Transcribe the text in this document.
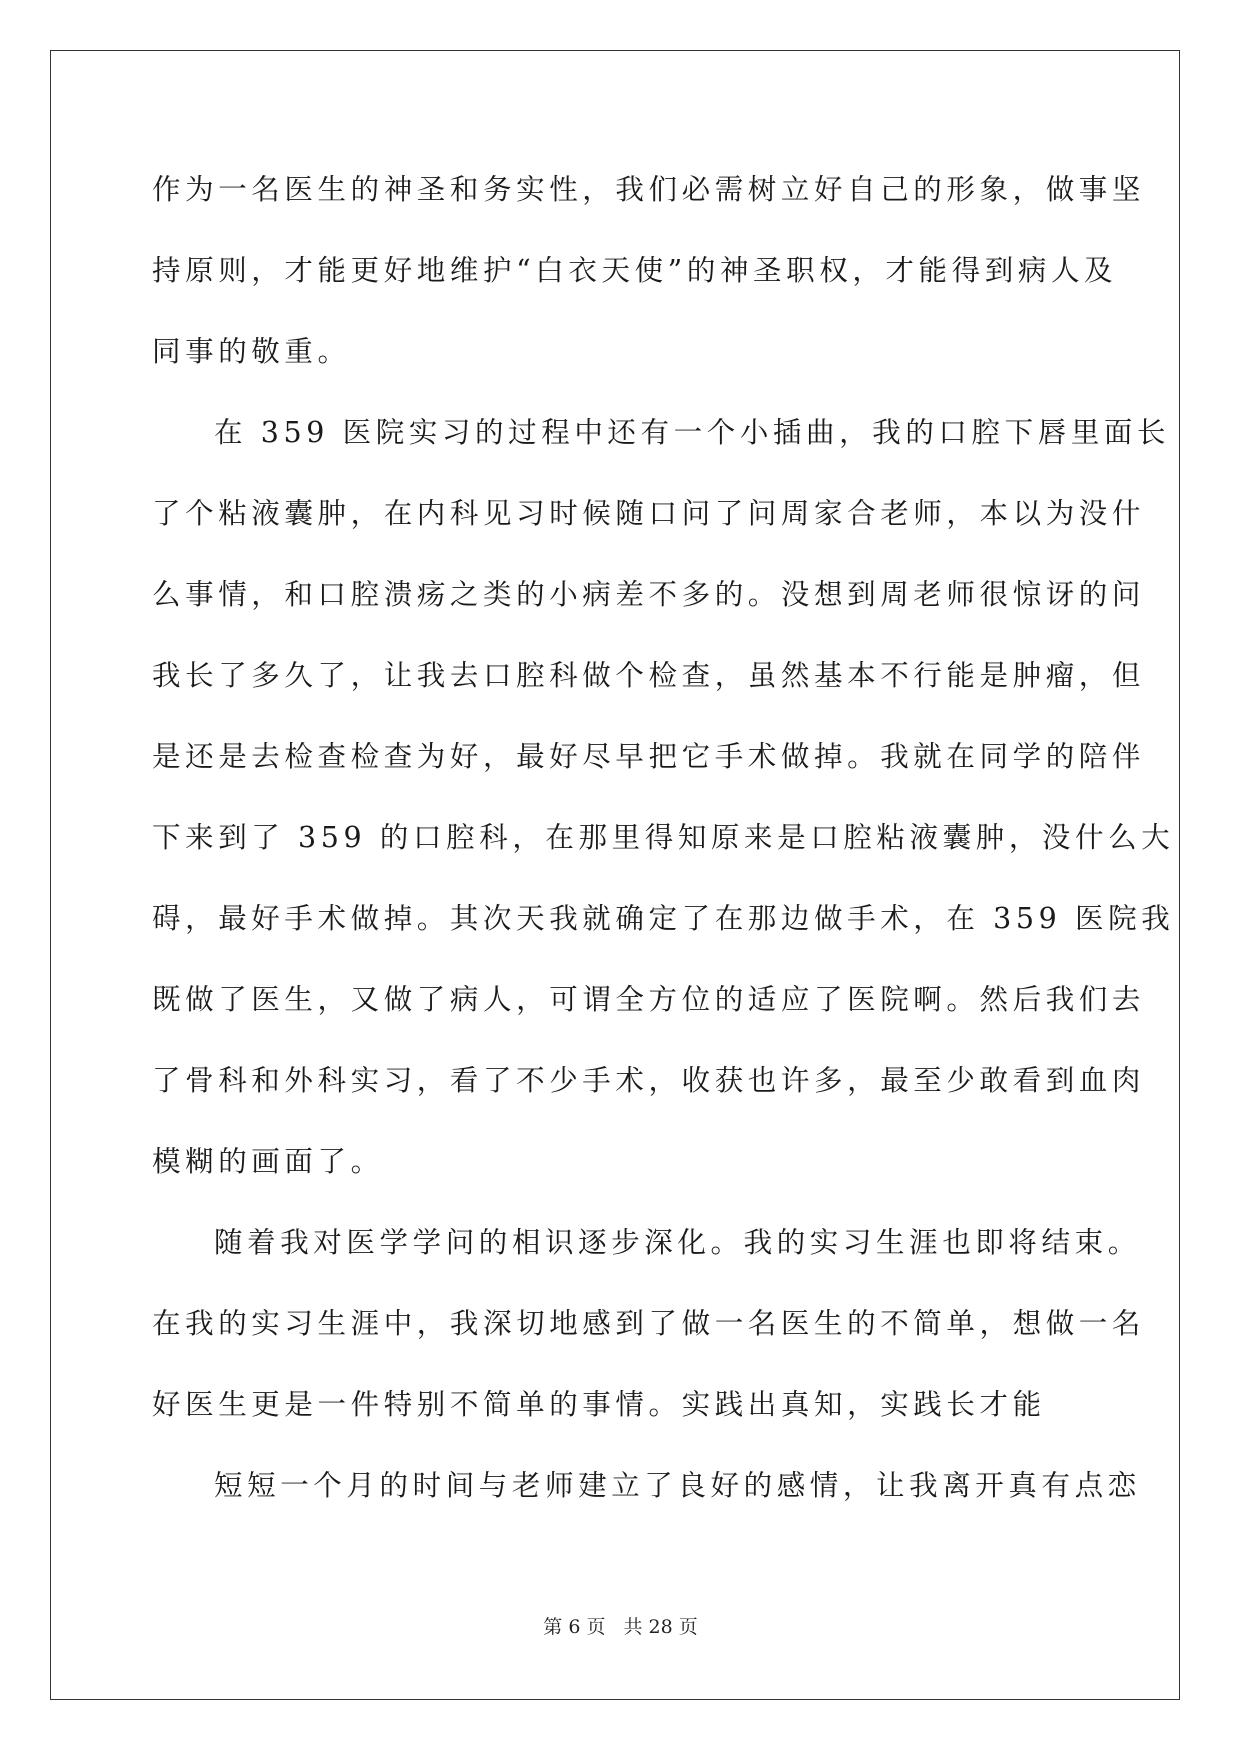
作为一名医生的神圣和务实性，我们必需树立好自己的形象，做事坚
持原则，才能更好地维护“白衣天使”的神圣职权，才能得到病人及
同事的敬重。
在 359 医院实习的过程中还有一个小插曲，我的口腔下唇里面长
了个粘液囊肿，在内科见习时候随口问了问周家合老师，本以为没什
么事情，和口腔溃疡之类的小病差不多的。没想到周老师很惊讶的问
我长了多久了，让我去口腔科做个检查，虽然基本不行能是肿瘤，但
是还是去检查检查为好，最好尽早把它手术做掉。我就在同学的陪伴
下来到了 359 的口腔科，在那里得知原来是口腔粘液囊肿，没什么大
碍，最好手术做掉。其次天我就确定了在那边做手术，在 359 医院我
既做了医生，又做了病人，可谓全方位的适应了医院啊。然后我们去
了骨科和外科实习，看了不少手术，收获也许多，最至少敢看到血肉
模糊的画面了。
随着我对医学学问的相识逐步深化。我的实习生涯也即将结束。
在我的实习生涯中，我深切地感到了做一名医生的不简单，想做一名
好医生更是一件特别不简单的事情。实践出真知，实践长才能
短短一个月的时间与老师建立了良好的感情，让我离开真有点恋
第 6 页 共 28 页
